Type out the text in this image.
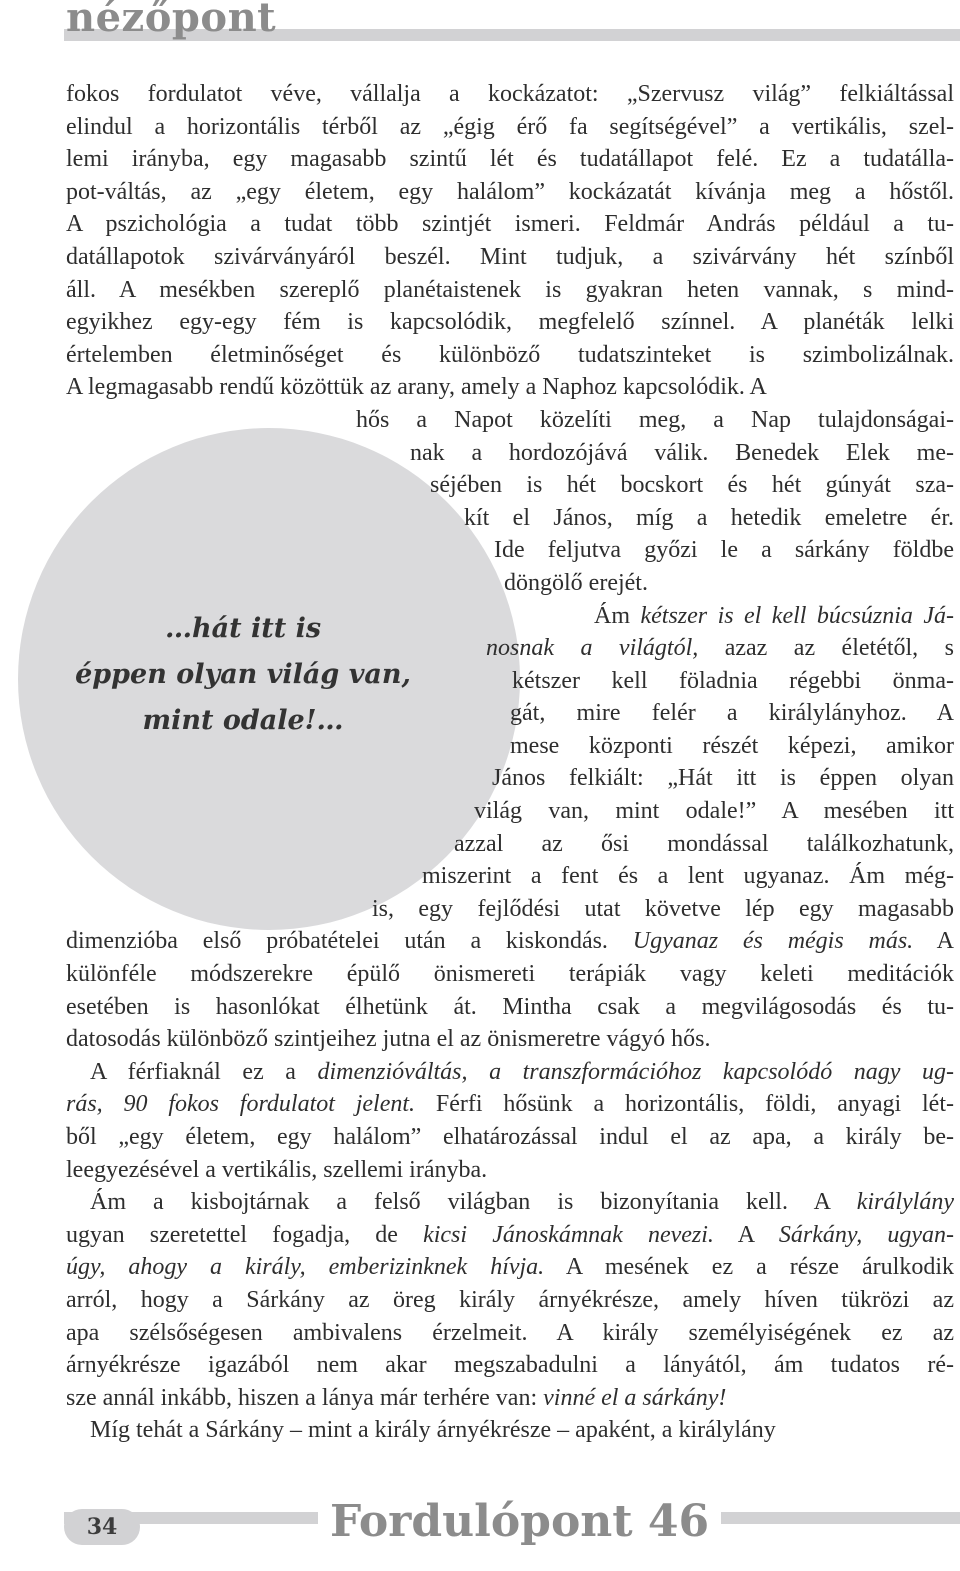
nézőpont
…hát itt is
éppen olyan világ van,
mint odale!…
fokos fordulatot véve, vállalja a kockázatot: „Szervusz világ” felkiáltással
elindul a horizontális térből az „égig érő fa segítségével” a vertikális, szel-
lemi irányba, egy magasabb szintű lét és tudatállapot felé. Ez a tudatálla-
pot-váltás, az „egy életem, egy halálom” kockázatát kívánja meg a hőstől.
A pszichológia a tudat több szintjét ismeri. Feldmár András például a tu-
datállapotok szivárványáról beszél. Mint tudjuk, a szivárvány hét színből
áll. A mesékben szereplő planétaistenek is gyakran heten vannak, s mind-
egyikhez egy-egy fém is kapcsolódik, megfelelő színnel. A planéták lelki
értelemben életminőséget és különböző tudatszinteket is szimbolizálnak.
A legmagasabb rendű közöttük az arany, amely a Naphoz kapcsolódik. A
hős a Napot közelíti meg, a Nap tulajdonságai-
nak a hordozójává válik. Benedek Elek me-
séjében is hét bocskort és hét gúnyát sza-
kít el János, míg a hetedik emeletre ér.
Ide feljutva győzi le a sárkány földbe
döngölő erejét.
Ám kétszer is el kell búcsúznia Já-
nosnak a világtól, azaz az életétől, s
kétszer kell föladnia régebbi önma-
gát, mire felér a királylányhoz. A
mese központi részét képezi, amikor
János felkiált: „Hát itt is éppen olyan
világ van, mint odale!” A mesében itt
azzal az ősi mondással találkozhatunk,
miszerint a fent és a lent ugyanaz. Ám még-
is, egy fejlődési utat követve lép egy magasabb
dimenzióba első próbatételei után a kiskondás. Ugyanaz és mégis más. A
különféle módszerekre épülő önismereti terápiák vagy keleti meditációk
esetében is hasonlókat élhetünk át. Mintha csak a megvilágosodás és tu-
datosodás különböző szintjeihez jutna el az önismeretre vágyó hős.
A férfiaknál ez a dimenzióváltás, a transzformációhoz kapcsolódó nagy ug-
rás, 90 fokos fordulatot jelent. Férfi hősünk a horizontális, földi, anyagi lét-
ből „egy életem, egy halálom” elhatározással indul el az apa, a király be-
leegyezésével a vertikális, szellemi irányba.
Ám a kisbojtárnak a felső világban is bizonyítania kell. A királylány
ugyan szeretettel fogadja, de kicsi Jánoskámnak nevezi. A Sárkány, ugyan-
úgy, ahogy a király, emberizinknek hívja. A mesének ez a része árulkodik
arról, hogy a Sárkány az öreg király árnyékrésze, amely híven tükrözi az
apa szélsőségesen ambivalens érzelmeit. A király személyiségének ez az
árnyékrésze igazából nem akar megszabadulni a lányától, ám tudatos ré-
sze annál inkább, hiszen a lánya már terhére van: vinné el a sárkány!
Míg tehát a Sárkány – mint a király árnyékrésze – apaként, a királylány
34	Fordulópont 46
